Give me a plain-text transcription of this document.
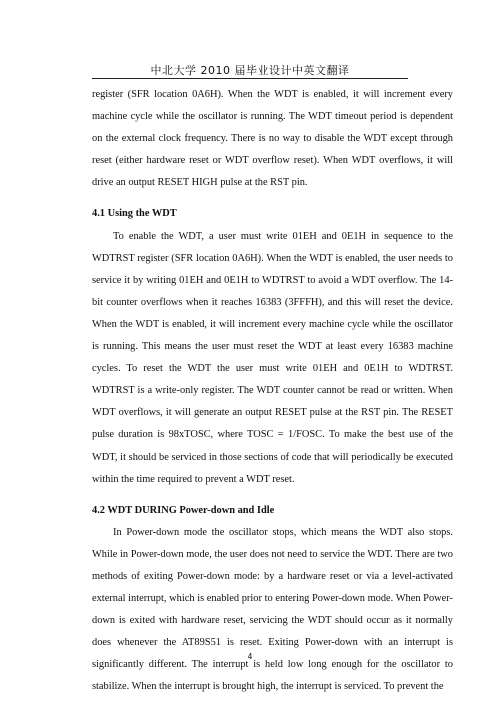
中北大学 2010 届毕业设计中英文翻译

register (SFR location 0A6H). When the WDT is enabled, it will increment every machine cycle while the oscillator is running. The WDT timeout period is dependent on the external clock frequency. There is no way to disable the WDT except through reset (either hardware reset or WDT overflow reset). When WDT overflows, it will drive an output RESET HIGH pulse at the RST pin.

4.1 Using the WDT

To enable the WDT, a user must write 01EH and 0E1H in sequence to the WDTRST register (SFR location 0A6H). When the WDT is enabled, the user needs to service it by writing 01EH and 0E1H to WDTRST to avoid a WDT overflow. The 14-bit counter overflows when it reaches 16383 (3FFFH), and this will reset the device. When the WDT is enabled, it will increment every machine cycle while the oscillator is running. This means the user must reset the WDT at least every 16383 machine cycles. To reset the WDT the user must write 01EH and 0E1H to WDTRST. WDTRST is a write-only register. The WDT counter cannot be read or written. When WDT overflows, it will generate an output RESET pulse at the RST pin. The RESET pulse duration is 98xTOSC, where TOSC = 1/FOSC. To make the best use of the WDT, it should be serviced in those sections of code that will periodically be executed within the time required to prevent a WDT reset.

4.2 WDT DURING Power-down and Idle

In Power-down mode the oscillator stops, which means the WDT also stops. While in Power-down mode, the user does not need to service the WDT. There are two methods of exiting Power-down mode: by a hardware reset or via a level-activated external interrupt, which is enabled prior to entering Power-down mode. When Power-down is exited with hardware reset, servicing the WDT should occur as it normally does whenever the AT89S51 is reset. Exiting Power-down with an interrupt is significantly different. The interrupt is held low long enough for the oscillator to stabilize. When the interrupt is brought high, the interrupt is serviced. To prevent the

4
